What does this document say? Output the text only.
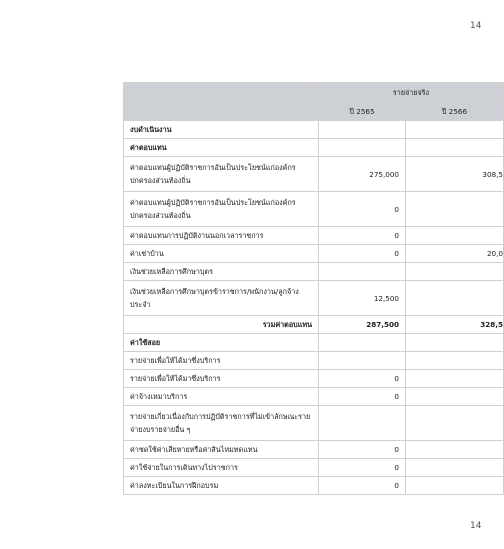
14
	รายจ่ายจริง	
	ปี 2565	ปี 2566
งบดำเนินงาน		
ค่าตอบแทน		
ค่าตอบแทนผู้ปฏิบัติราชการอันเป็นประโยชน์แก่องค์กรปกครองส่วนท้องถิ่น	275,000	308,5
ค่าตอบแทนผู้ปฏิบัติราชการอันเป็นประโยชน์แก่องค์กรปกครองส่วนท้องถิ่น	0	
ค่าตอบแทนการปฏิบัติงานนอกเวลาราชการ	0	
ค่าเช่าบ้าน	0	20,0
เงินช่วยเหลือการศึกษาบุตร		
เงินช่วยเหลือการศึกษาบุตรข้าราชการ/พนักงาน/ลูกจ้างประจำ	12,500	
รวมค่าตอบแทน	287,500	328,5
ค่าใช้สอย		
รายจ่ายเพื่อให้ได้มาซึ่งบริการ		
รายจ่ายเพื่อให้ได้มาซึ่งบริการ	0	
ค่าจ้างเหมาบริการ	0	
รายจ่ายเกี่ยวเนื่องกับการปฏิบัติราชการที่ไม่เข้าลักษณะรายจ่ายงบรายจ่ายอื่น ๆ		
ค่าชดใช้ค่าเสียหายหรือค่าสินไหมทดแทน	0	
ค่าใช้จ่ายในการเดินทางไปราชการ	0	
ค่าลงทะเบียนในการฝึกอบรม	0	
14
